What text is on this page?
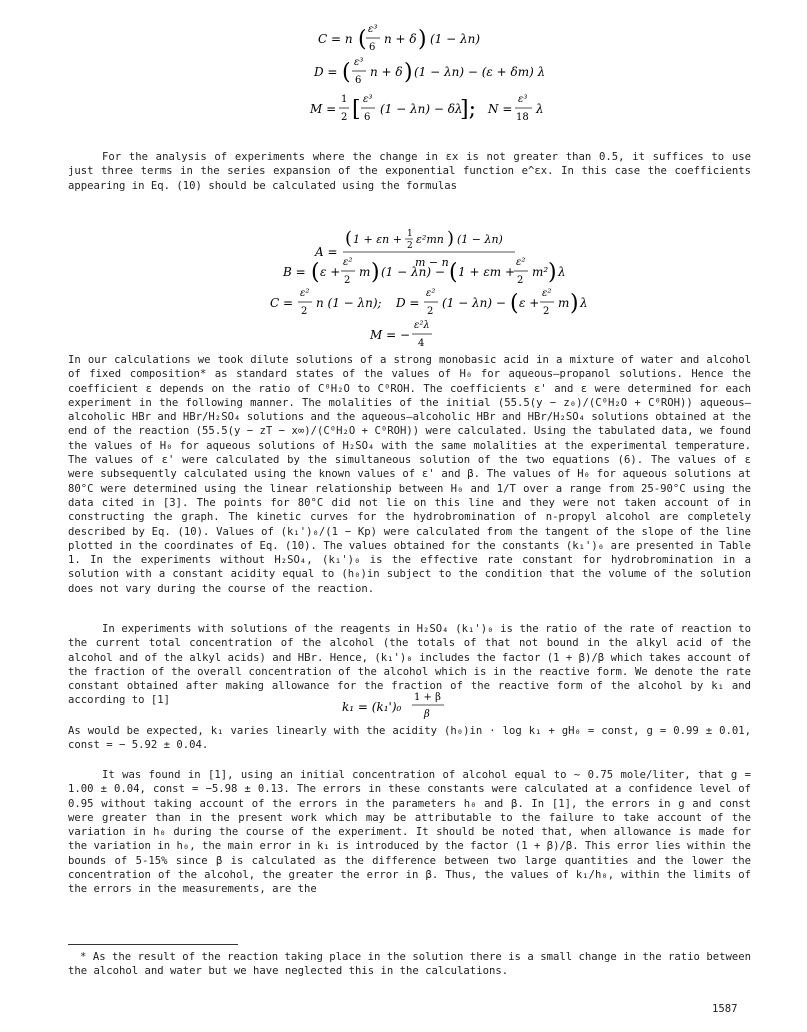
C = n ( ε³
6
n + δ ) (1 − λn)
D = ( ε³
6
n + δ ) (1 − λn) − (ε + δm) λ
M =
1
2 [ ε³
6
(1 − λn) − δλ
]; N =
ε³
18
λ
For the analysis of experiments where the change in εx is not greater than 0.5, it suffices to use just three terms in the series expansion of the exponential function e^εx. In this case the coefficients appearing in Eq. (10) should be calculated using the formulas
A =
( 1 + εn + 1
2 ε²mn ) (1 − λn)
m − n
B = ( ε +
ε²
2
m ) (1 − λn) − ( 1 + εm +
ε²
2
m² ) λ
C =
ε²
2
n (1 − λn); D =
ε²
2
(1 − λn) − ( ε +
ε²
2
m ) λ
M = −
ε²λ
4
In our calculations we took dilute solutions of a strong monobasic acid in a mixture of water and alcohol of fixed composition* as standard states of the values of H₀ for aqueous–propanol solutions. Hence the coefficient ε depends on the ratio of C⁰H₂O to C⁰ROH. The coefficients ε' and ε were determined for each experiment in the following manner. The molalities of the initial (55.5(y − z₀)/(C⁰H₂O + C⁰ROH)) aqueous–alcoholic HBr and HBr/H₂SO₄ solutions and the aqueous–alcoholic HBr and HBr/H₂SO₄ solutions obtained at the end of the reaction (55.5(y − zT − x∞)/(C⁰H₂O + C⁰ROH)) were calculated. Using the tabulated data, we found the values of H₀ for aqueous solutions of H₂SO₄ with the same molalities at the experimental temperature. The values of ε' were calculated by the simultaneous solution of the two equations (6). The values of ε were subsequently calculated using the known values of ε' and β. The values of H₀ for aqueous solutions at 80°C were determined using the linear relationship between H₀ and 1/T over a range from 25-90°C using the data cited in [3]. The points for 80°C did not lie on this line and they were not taken account of in constructing the graph. The kinetic curves for the hydrobromination of n-propyl alcohol are completely described by Eq. (10). Values of (k₁')₀/(1 − Kp) were calculated from the tangent of the slope of the line plotted in the coordinates of Eq. (10). The values obtained for the constants (k₁')₀ are presented in Table 1. In the experiments without H₂SO₄, (k₁')₀ is the effective rate constant for hydrobromination in a solution with a constant acidity equal to (h₀)in subject to the condition that the volume of the solution does not vary during the course of the reaction.
In experiments with solutions of the reagents in H₂SO₄ (k₁')₀ is the ratio of the rate of reaction to the current total concentration of the alcohol (the totals of that not bound in the alkyl acid of the alcohol and of the alkyl acids) and HBr. Hence, (k₁')₀ includes the factor (1 + β)/β which takes account of the fraction of the overall concentration of the alcohol which is in the reactive form. We denote the rate constant obtained after making allowance for the fraction of the reactive form of the alcohol by k₁ and according to [1]	k₁ = (k₁')₀
1 + β
β
As would be expected, k₁ varies linearly with the acidity (h₀)in · log k₁ + gH₀ = const, g = 0.99 ± 0.01, const = − 5.92 ± 0.04.
It was found in [1], using an initial concentration of alcohol equal to ~ 0.75 mole/liter, that g = 1.00 ± 0.04, const = −5.98 ± 0.13. The errors in these constants were calculated at a confidence level of 0.95 without taking account of the errors in the parameters h₀ and β. In [1], the errors in g and const were greater than in the present work which may be attributable to the failure to take account of the variation in h₀ during the course of the experiment. It should be noted that, when allowance is made for the variation in h₀, the main error in k₁ is introduced by the factor (1 + β)/β. This error lies within the bounds of 5-15% since β is calculated as the difference between two large quantities and the lower the concentration of the alcohol, the greater the error in β. Thus, the values of k₁/h₀, within the limits of the errors in the measurements, are the
* As the result of the reaction taking place in the solution there is a small change in the ratio between the alcohol and water but we have neglected this in the calculations.
1587
